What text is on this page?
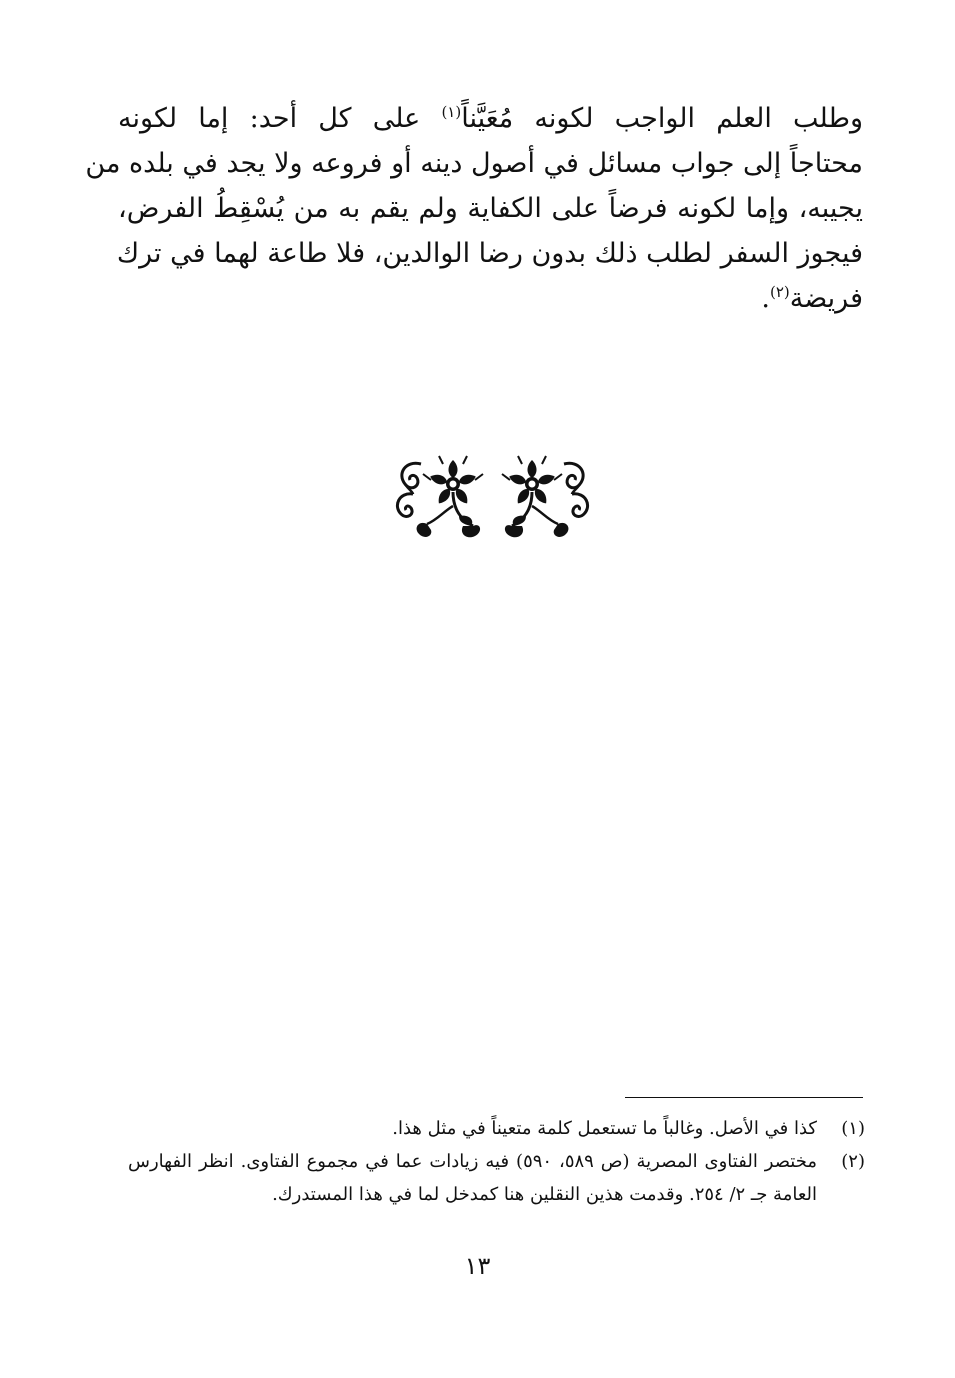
وطلب العلم الواجب لكونه مُعَيَّناً$^{(١)}$ على كل أحد: إما لكونه
محتاجاً إلى جواب مسائل في أصول دينه أو فروعه ولا يجد في بلده من
يجيبه، وإما لكونه فرضاً على الكفاية ولم يقم به من يُسْقِطُ الفرض،
فيجوز السفر لطلب ذلك بدون رضا الوالدين، فلا طاعة لهما في ترك
فريضة$^{(٢)}$.
(١)
كذا في الأصل. وغالباً ما تستعمل كلمة متعيناً في مثل هذا.
(٢)
مختصر الفتاوى المصرية (ص ٥٨٩، ٥٩٠) فيه زيادات عما في مجموع الفتاوى. انظر الفهارس العامة جـ ٢/ ٢٥٤. وقدمت هذين النقلين هنا كمدخل لما في هذا المستدرك.
١٣
